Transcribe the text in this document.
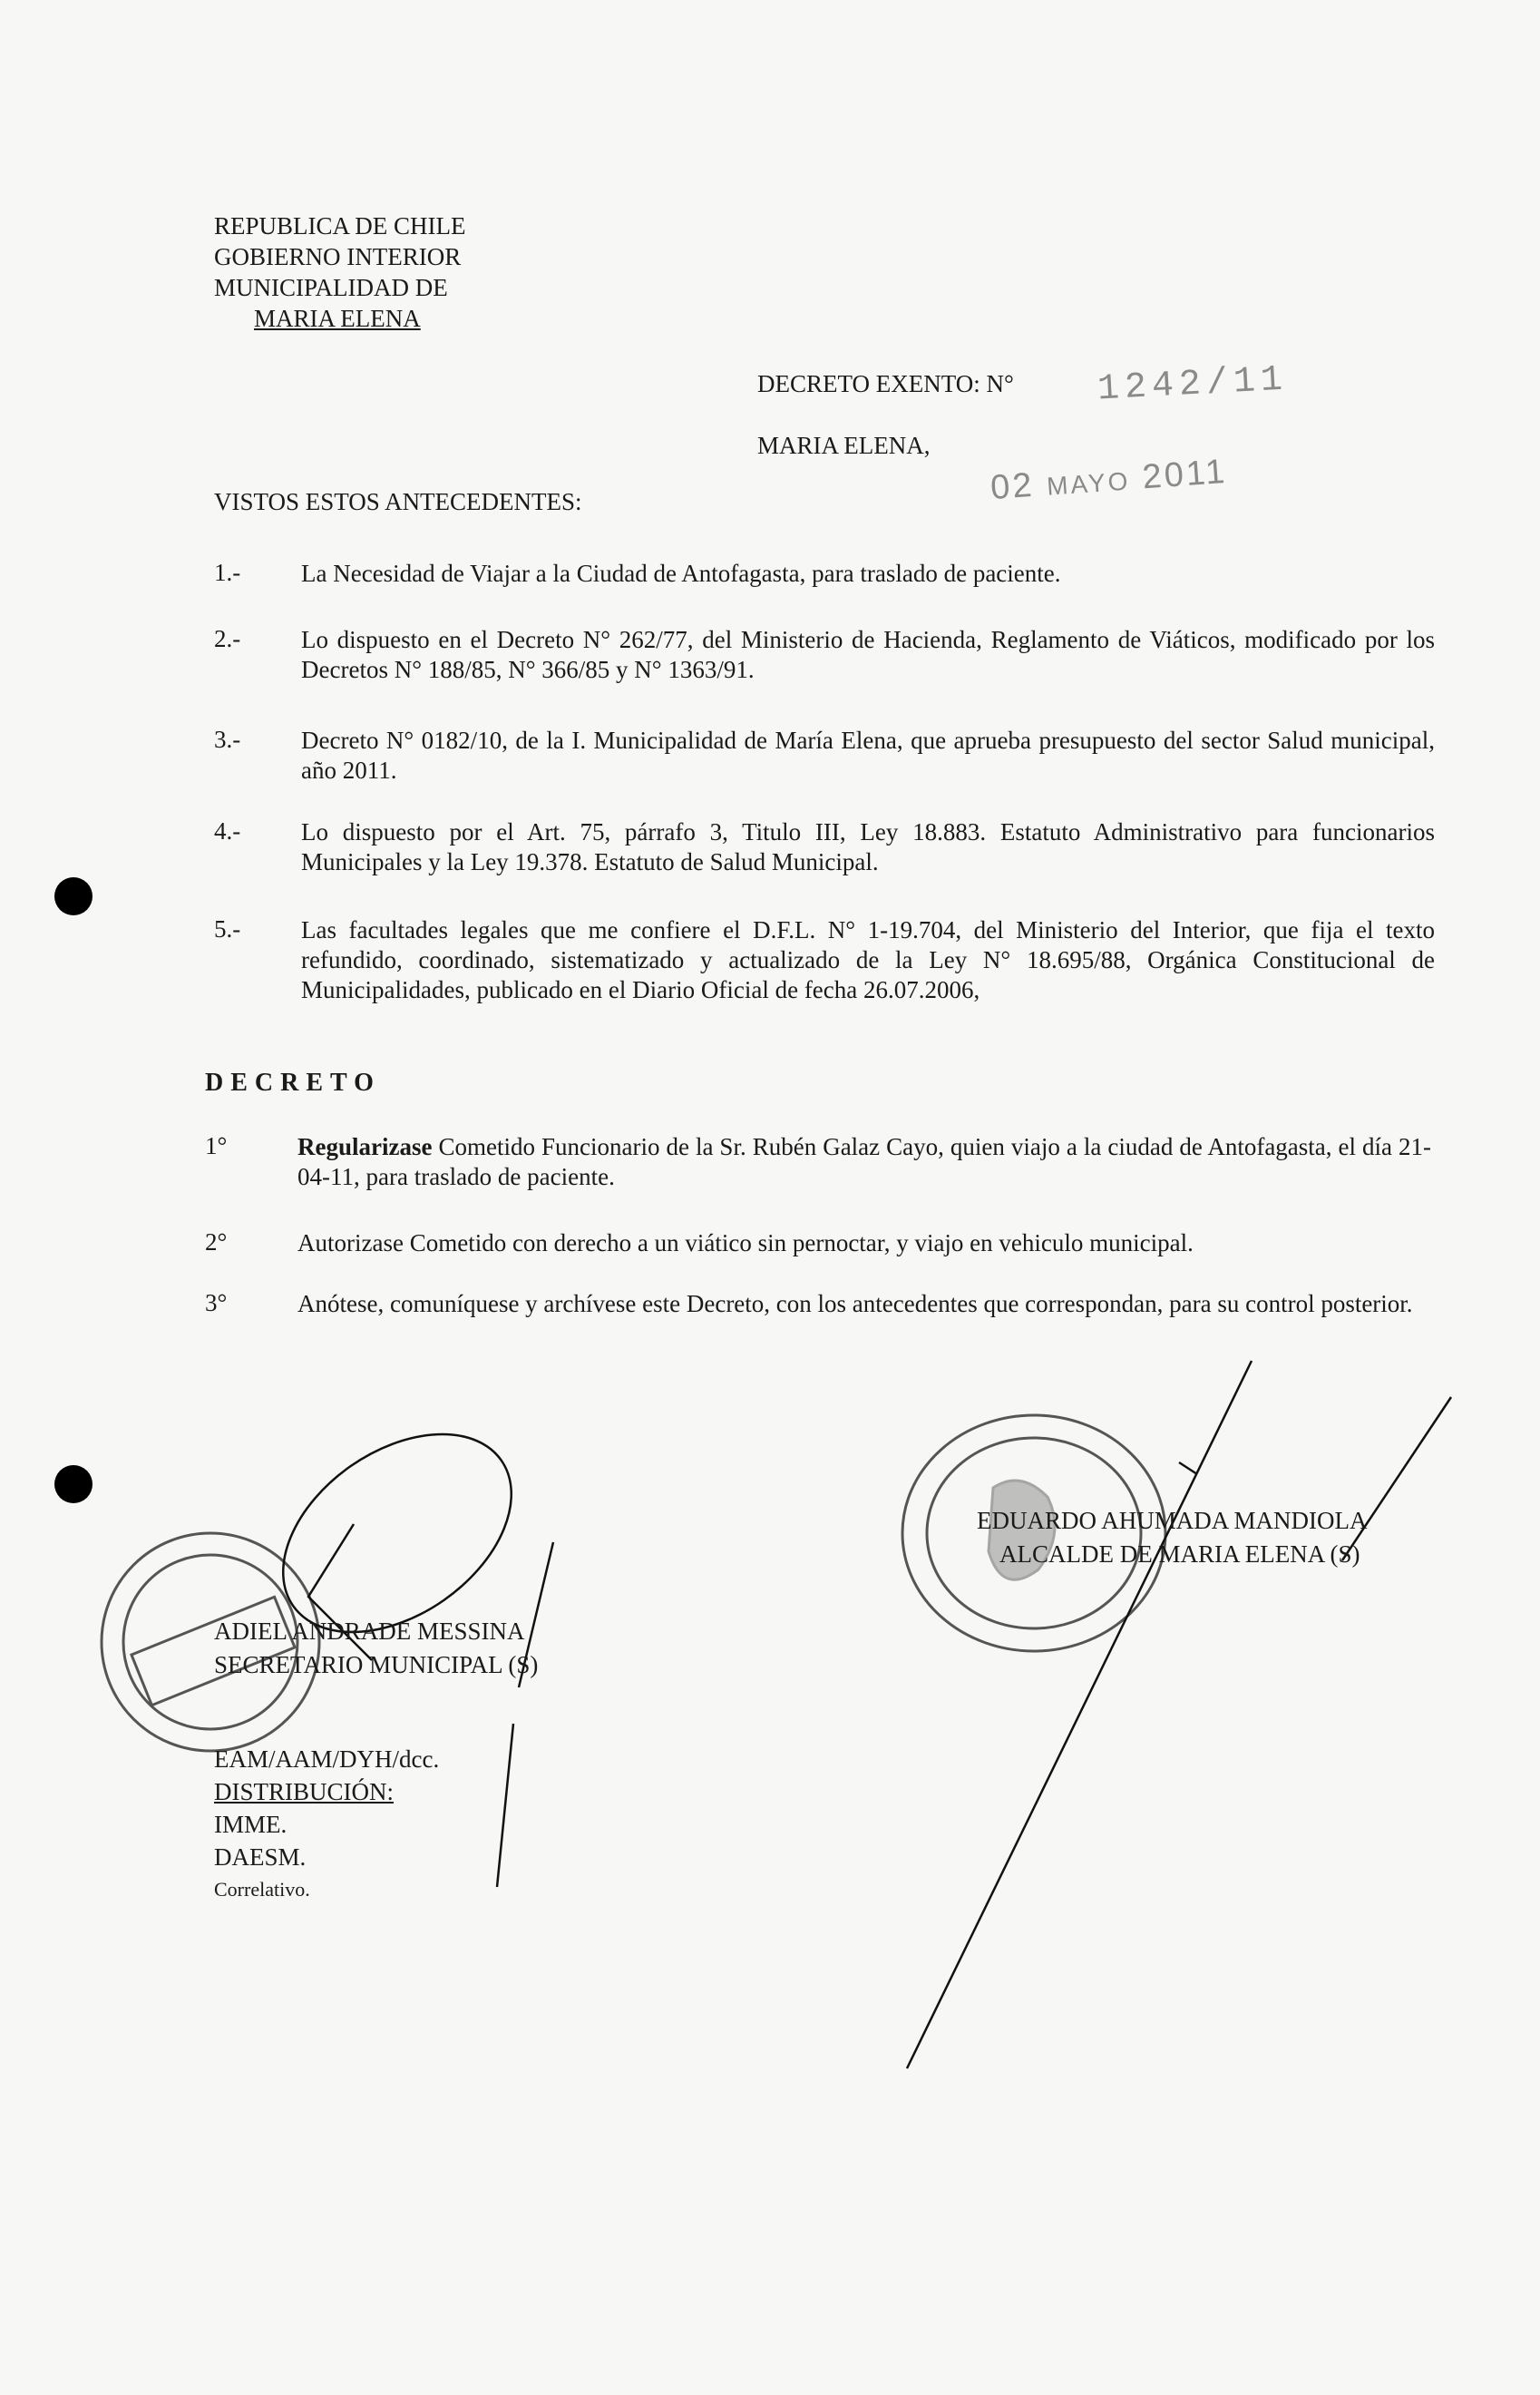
REPUBLICA DE CHILE
GOBIERNO INTERIOR
MUNICIPALIDAD DE
MARIA ELENA
DECRETO EXENTO: N° 1242/11
MARIA ELENA,
02 MAYO 2011
VISTOS ESTOS ANTECEDENTES:
1.-	La Necesidad de Viajar a la Ciudad de Antofagasta, para traslado de paciente.
2.-	Lo dispuesto en el Decreto N° 262/77, del Ministerio de Hacienda, Reglamento de Viáticos, modificado por los Decretos N° 188/85, N° 366/85 y N° 1363/91.
3.-	Decreto N° 0182/10, de la I. Municipalidad de María Elena, que aprueba presupuesto del sector Salud municipal, año 2011.
4.-	Lo dispuesto por el Art. 75, párrafo 3, Titulo III, Ley 18.883. Estatuto Administrativo para funcionarios Municipales y la Ley 19.378. Estatuto de Salud Municipal.
5.-	Las facultades legales que me confiere el D.F.L. N° 1-19.704, del Ministerio del Interior, que fija el texto refundido, coordinado, sistematizado y actualizado de la Ley N° 18.695/88, Orgánica Constitucional de Municipalidades, publicado en el Diario Oficial de fecha 26.07.2006,
DECRETO
1°	Regularizase Cometido Funcionario de la Sr. Rubén Galaz Cayo, quien viajo a la ciudad de Antofagasta, el día 21-04-11, para traslado de paciente.
2°	Autorizase Cometido con derecho a un viático sin pernoctar, y viajo en vehiculo municipal.
3°	Anótese, comuníquese y archívese este Decreto, con los antecedentes que correspondan, para su control posterior.
ADIEL ANDRADE MESSINA
SECRETARIO MUNICIPAL (S)
EDUARDO AHUMADA MANDIOLA
ALCALDE DE MARIA ELENA (S)
EAM/AAM/DYH/dcc.
DISTRIBUCIÓN:
IMME.
DAESM.
Correlativo.
